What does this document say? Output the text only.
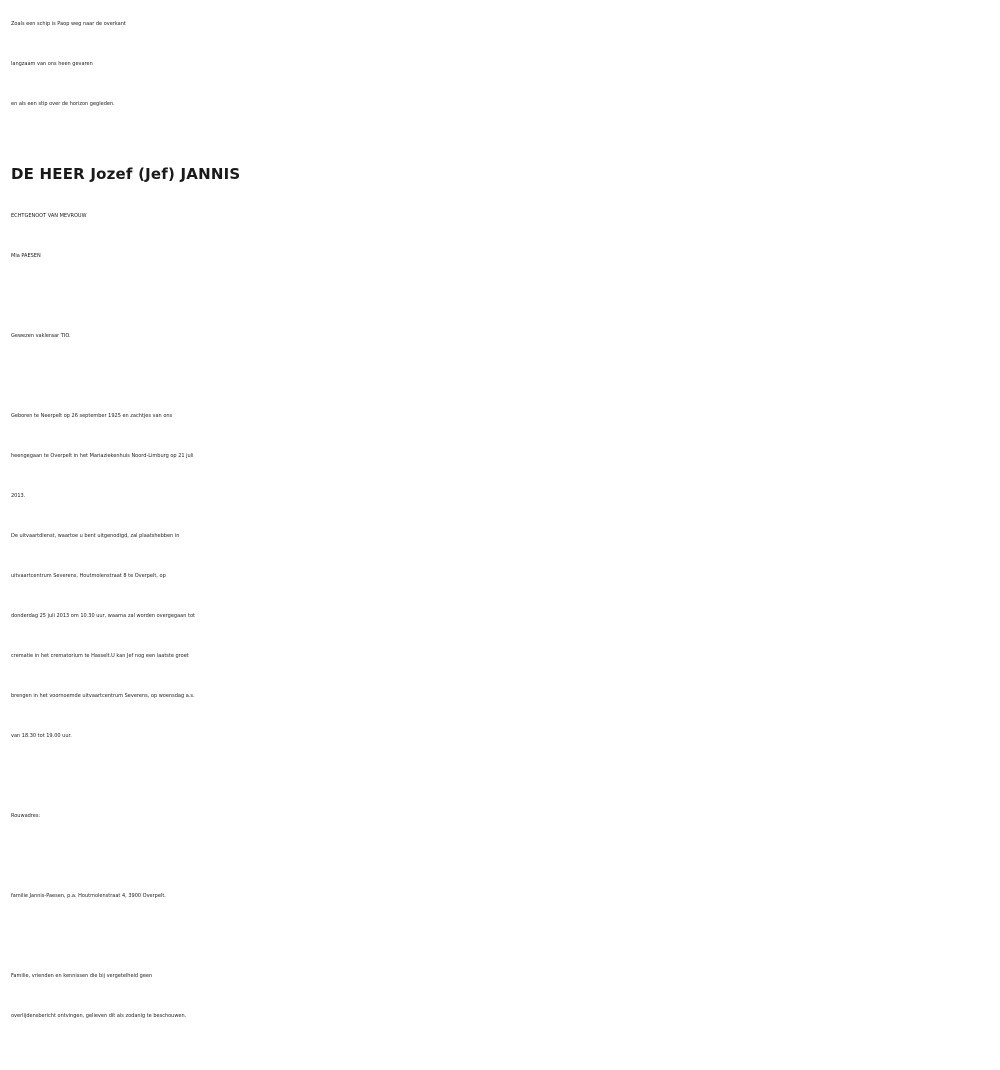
Zoals een schip is Paop weg naar de overkant

langzaam van ons heen gevaren

en als een stip over de horizon gegleden.

DE HEER Jozef (Jef) JANNIS

ECHTGENOOT VAN MEVROUW

Mia PAESEN

Gewezen vakleraar TIO.

Geboren te Neerpelt op 26 september 1925 en zachtjes van ons

heengegaan te Overpelt in het Mariaziekenhuis Noord-Limburg op 21 juli

2013.

De uitvaartdienst, waartoe u bent uitgenodigd, zal plaatshebben in

uitvaartcentrum Severens, Houtmolenstraat 8 te Overpelt, op

donderdag 25 juli 2013 om 10.30 uur, waarna zal worden overgegaan tot

crematie in het crematorium te Hasselt.U kan Jef nog een laatste groet

brengen in het voornoemde uitvaartcentrum Severens, op woensdag a.s.

van 18.30 tot 19.00 uur.

Rouwadres:

familie Jannis-Paesen, p.a. Houtmolenstraat 4, 3900 Overpelt.

Familie, vrienden en kennissen die bij vergetelheid geen

overlijdensbericht ontvingen, gelieven dit als zodanig te beschouwen.
